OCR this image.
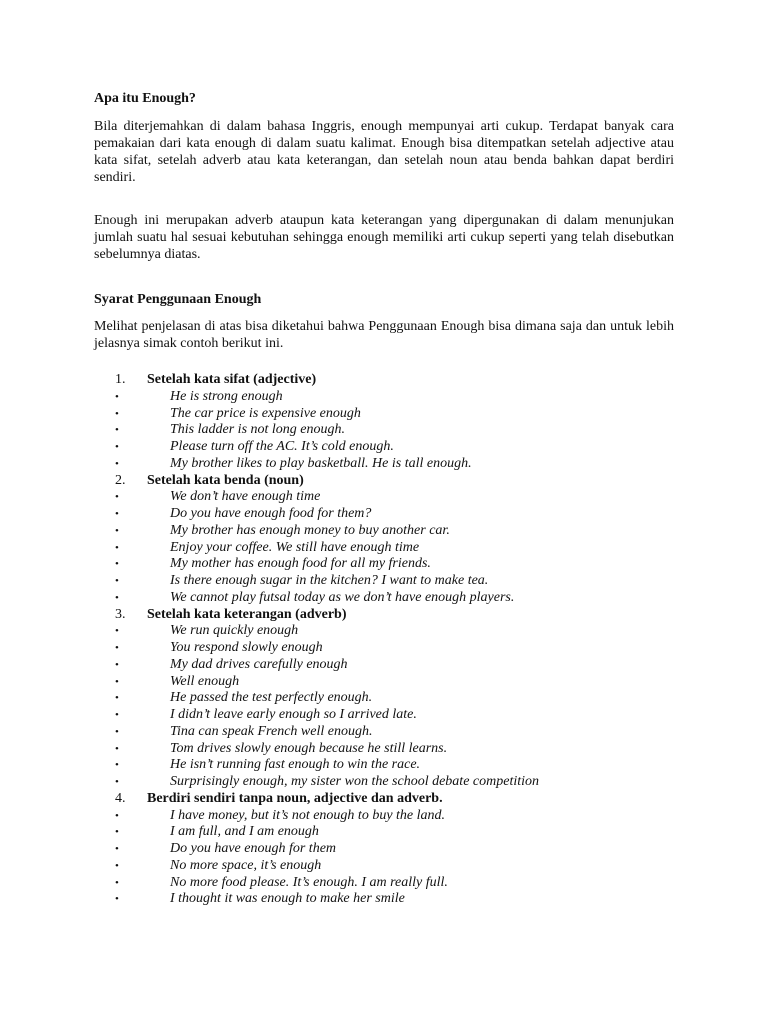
Apa itu Enough?

Bila diterjemahkan di dalam bahasa Inggris, enough mempunyai arti cukup. Terdapat banyak cara pemakaian dari kata enough di dalam suatu kalimat. Enough bisa ditempatkan setelah adjective atau kata sifat, setelah adverb atau kata keterangan, dan setelah noun atau benda bahkan dapat berdiri sendiri.

Enough ini merupakan adverb ataupun kata keterangan yang dipergunakan di dalam menunjukan jumlah suatu hal sesuai kebutuhan sehingga enough memiliki arti cukup seperti yang telah disebutkan sebelumnya diatas.

Syarat Penggunaan Enough

Melihat penjelasan di atas bisa diketahui bahwa Penggunaan Enough bisa dimana saja dan untuk lebih jelasnya simak contoh berikut ini.

1. Setelah kata sifat (adjective)
•	He is strong enough
•	The car price is expensive enough
•	This ladder is not long enough.
•	Please turn off the AC. It’s cold enough.
•	My brother likes to play basketball. He is tall enough.
2. Setelah kata benda (noun)
•	We don’t have enough time
•	Do you have enough food for them?
•	My brother has enough money to buy another car.
•	Enjoy your coffee. We still have enough time
•	My mother has enough food for all my friends.
•	Is there enough sugar in the kitchen? I want to make tea.
•	We cannot play futsal today as we don’t have enough players.
3. Setelah kata keterangan (adverb)
•	We run quickly enough
•	You respond slowly enough
•	My dad drives carefully enough
•	Well enough
•	He passed the test perfectly enough.
•	I didn’t leave early enough so I arrived late.
•	Tina can speak French well enough.
•	Tom drives slowly enough because he still learns.
•	He isn’t running fast enough to win the race.
•	Surprisingly enough, my sister won the school debate competition
4. Berdiri sendiri tanpa noun, adjective dan adverb.
•	I have money, but it’s not enough to buy the land.
•	I am full, and I am enough
•	Do you have enough for them
•	No more space, it’s enough
•	No more food please. It’s enough. I am really full.
•	I thought it was enough to make her smile
